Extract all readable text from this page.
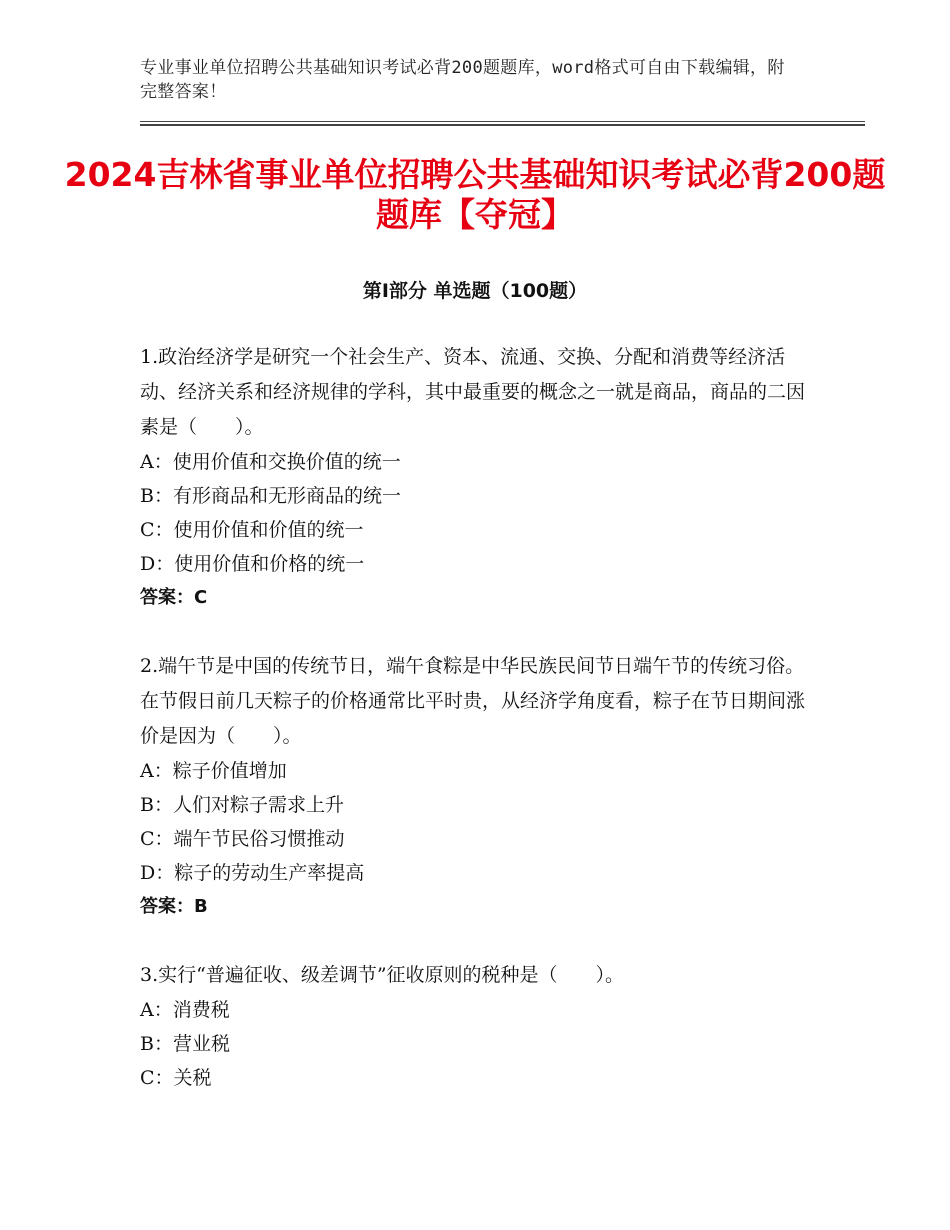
专业事业单位招聘公共基础知识考试必背200题题库，word格式可自由下载编辑，附完整答案！
2024吉林省事业单位招聘公共基础知识考试必背200题题库【夺冠】
第I部分 单选题（100题）

1.政治经济学是研究一个社会生产、资本、流通、交换、分配和消费等经济活动、经济关系和经济规律的学科，其中最重要的概念之一就是商品，商品的二因素是（　　）。

A：使用价值和交换价值的统一

B：有形商品和无形商品的统一

C：使用价值和价值的统一

D：使用价值和价格的统一

答案：C

2.端午节是中国的传统节日，端午食粽是中华民族民间节日端午节的传统习俗。在节假日前几天粽子的价格通常比平时贵，从经济学角度看，粽子在节日期间涨价是因为（　　）。

A：粽子价值增加

B：人们对粽子需求上升

C：端午节民俗习惯推动

D：粽子的劳动生产率提高

答案：B

3.实行“普遍征收、级差调节”征收原则的税种是（　　）。

A：消费税

B：营业税

C：关税
